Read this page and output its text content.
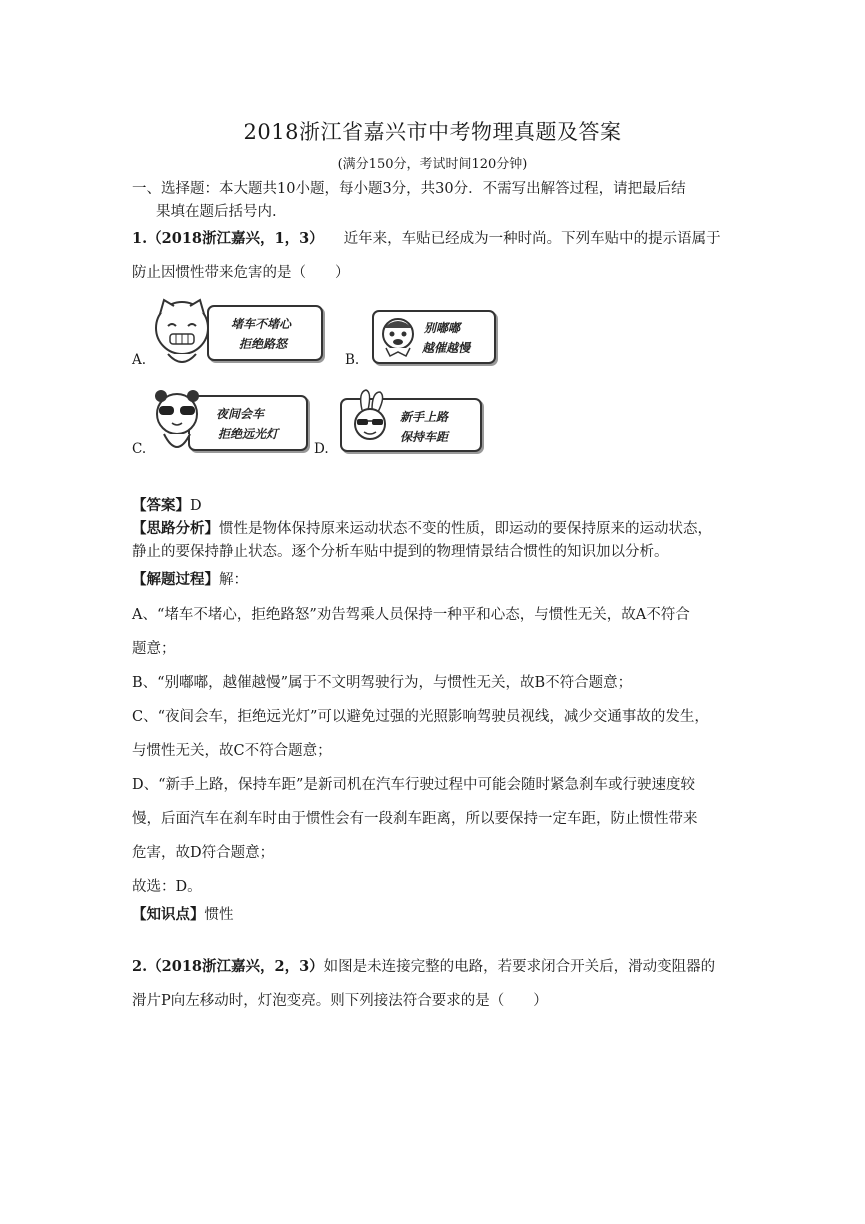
2018浙江省嘉兴市中考物理真题及答案
(满分150分，考试时间120分钟)
一、选择题：本大题共10小题，每小题3分，共30分．不需写出解答过程，请把最后结
果填在题后括号内.
1.（2018浙江嘉兴，1，3） 近年来，车贴已经成为一种时尚。下列车贴中的提示语属于
防止因惯性带来危害的是（　　）
A.
堵车不堵心
拒绝路怒
B.
别嘟嘟
越催越慢
C.
夜间会车
拒绝远光灯
D.
新手上路
保持车距
【答案】D
【思路分析】惯性是物体保持原来运动状态不变的性质，即运动的要保持原来的运动状态，
静止的要保持静止状态。逐个分析车贴中提到的物理情景结合惯性的知识加以分析。
【解题过程】解：
A、“堵车不堵心，拒绝路怒”劝告驾乘人员保持一种平和心态，与惯性无关，故A不符合
题意；
B、“别嘟嘟，越催越慢”属于不文明驾驶行为，与惯性无关，故B不符合题意；
C、“夜间会车，拒绝远光灯”可以避免过强的光照影响驾驶员视线，减少交通事故的发生，
与惯性无关，故C不符合题意；
D、“新手上路，保持车距”是新司机在汽车行驶过程中可能会随时紧急刹车或行驶速度较
慢，后面汽车在刹车时由于惯性会有一段刹车距离，所以要保持一定车距，防止惯性带来
危害，故D符合题意；
故选：D。
【知识点】惯性
2.（2018浙江嘉兴，2，3）如图是未连接完整的电路，若要求闭合开关后，滑动变阻器的
滑片P向左移动时，灯泡变亮。则下列接法符合要求的是（　　）
